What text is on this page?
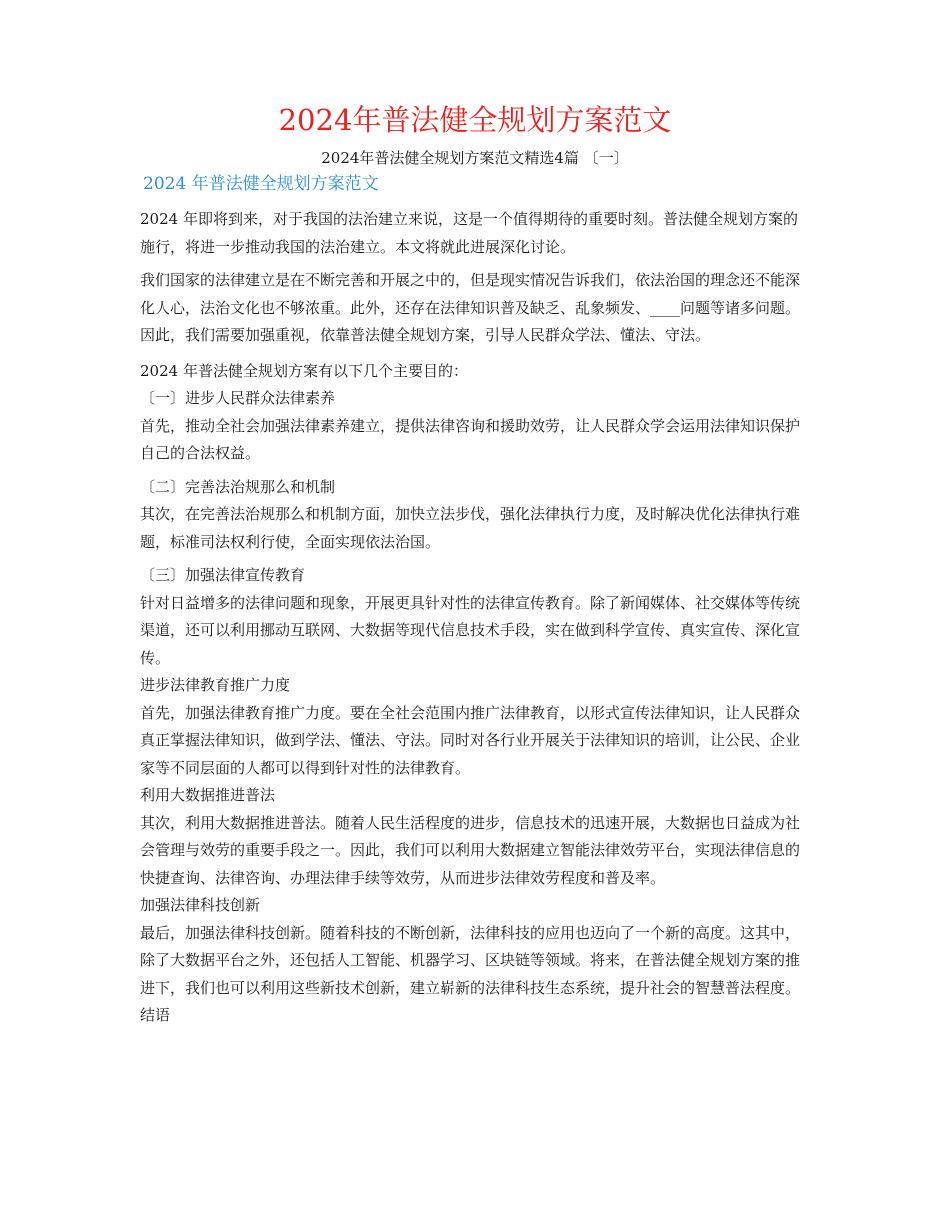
2024年普法健全规划方案范文
2024年普法健全规划方案范文精选4篇 〔一〕
2024 年普法健全规划方案范文

2024 年即将到来，对于我国的法治建立来说，这是一个值得期待的重要时刻。普法健全规划方案的施行，将进一步推动我国的法治建立。本文将就此进展深化讨论。

我们国家的法律建立是在不断完善和开展之中的，但是现实情况告诉我们，依法治国的理念还不能深化人心，法治文化也不够浓重。此外，还存在法律知识普及缺乏、乱象频发、____问题等诸多问题。因此，我们需要加强重视，依靠普法健全规划方案，引导人民群众学法、懂法、守法。

2024 年普法健全规划方案有以下几个主要目的：

〔一〕进步人民群众法律素养

首先，推动全社会加强法律素养建立，提供法律咨询和援助效劳，让人民群众学会运用法律知识保护自己的合法权益。

〔二〕完善法治规那么和机制

其次，在完善法治规那么和机制方面，加快立法步伐，强化法律执行力度，及时解决优化法律执行难题，标准司法权利行使，全面实现依法治国。

〔三〕加强法律宣传教育

针对日益增多的法律问题和现象，开展更具针对性的法律宣传教育。除了新闻媒体、社交媒体等传统渠道，还可以利用挪动互联网、大数据等现代信息技术手段，实在做到科学宣传、真实宣传、深化宣传。

进步法律教育推广力度

首先，加强法律教育推广力度。要在全社会范围内推广法律教育，以形式宣传法律知识，让人民群众真正掌握法律知识，做到学法、懂法、守法。同时对各行业开展关于法律知识的培训，让公民、企业家等不同层面的人都可以得到针对性的法律教育。

利用大数据推进普法

其次，利用大数据推进普法。随着人民生活程度的进步，信息技术的迅速开展，大数据也日益成为社会管理与效劳的重要手段之一。因此，我们可以利用大数据建立智能法律效劳平台，实现法律信息的快捷查询、法律咨询、办理法律手续等效劳，从而进步法律效劳程度和普及率。

加强法律科技创新

最后，加强法律科技创新。随着科技的不断创新，法律科技的应用也迈向了一个新的高度。这其中，除了大数据平台之外，还包括人工智能、机器学习、区块链等领域。将来，在普法健全规划方案的推进下，我们也可以利用这些新技术创新，建立崭新的法律科技生态系统，提升社会的智慧普法程度。

结语
